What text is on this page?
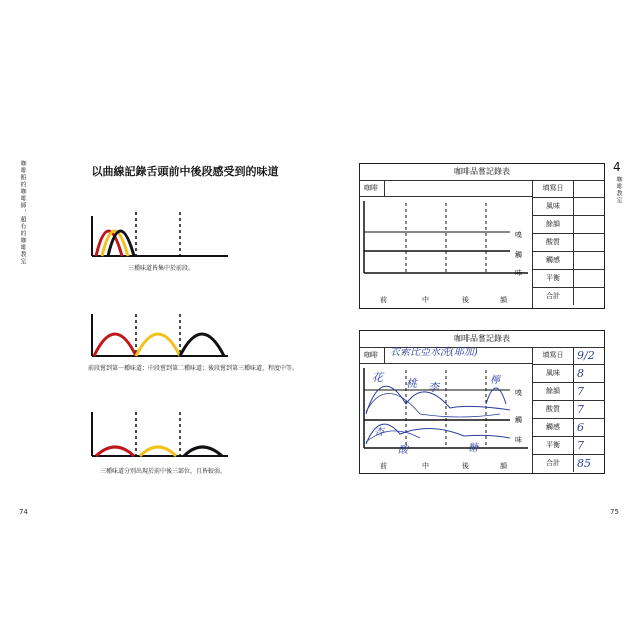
咖啡館的咖啡師，超有的咖啡教室	以曲線記錄舌頭前中後段感受到的味道
三種味道皆集中於前段。
前段嘗到第一種味道；中段嘗到第二種味道；後段嘗到第三種味道，程度中等。
三種味道分別出現於前中後三部位，且皆較弱。
74
4
咖啡教室
75
咖啡品嘗記錄表
咖啡
嗅
觸
味
前	中	後	韻
填寫日
風味
餘韻
酸質
觸感
平衡
合計
咖啡品嘗記錄表
咖啡 衣索比亞水洗(耶加)
花 桃 李
檸
杏
酸	糖
嗅
觸
味
前	中	後	韻
填寫日	9/2
風味	8
餘韻	7
酸質	7
觸感	6
平衡	7
合計	85
